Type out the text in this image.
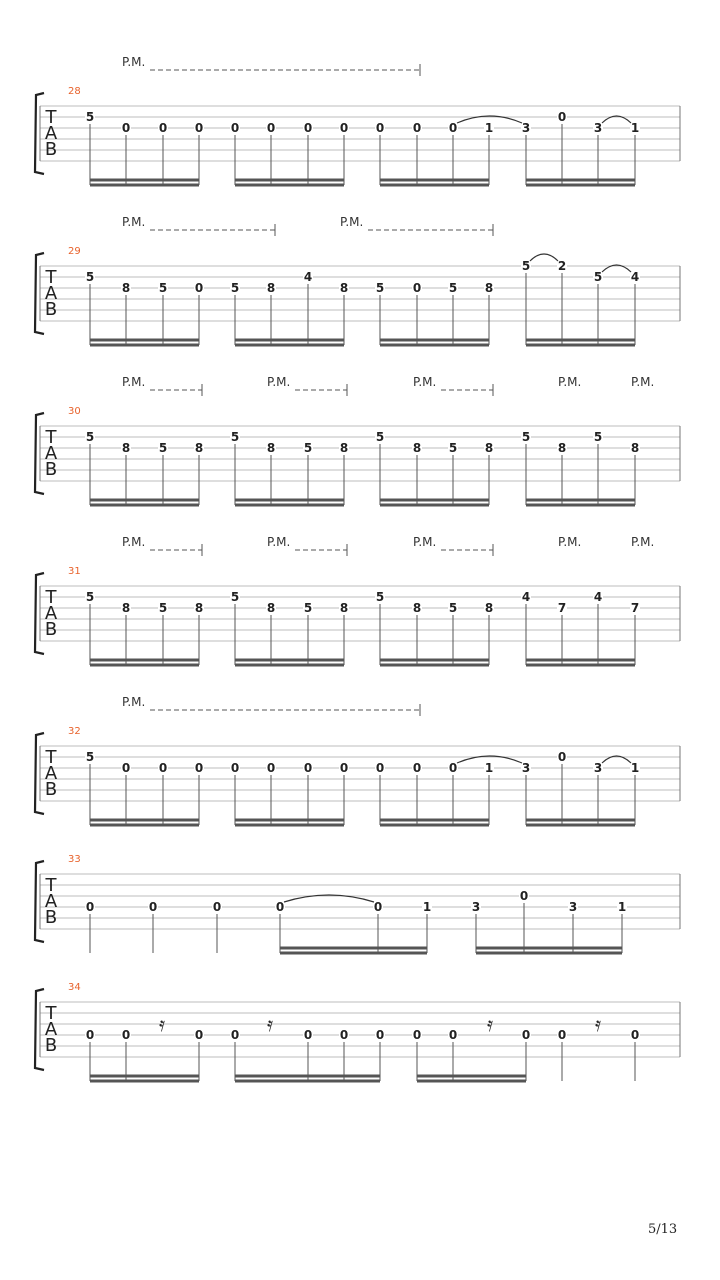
T
A
B
28
P.M.
5
0 0 0 0 0 0 0 0 0 0 1 3
0
3 1
T
A
B
29
P.M.	P.M.
5
8 5 0 5 8
4
8 5 0 5 8
5 2
5 4
T
A
B
30
P.M.	P.M.	P.M.	P.M.	P.M.
5
8 5 8
5
8 5 8
5
8 5 8
5
8
5
8
T
A
B
31
P.M.	P.M.	P.M.	P.M.	P.M.
5
8 5 8
5
8 5 8
5
8 5 8
4
7
4
7
T
A
B
32
P.M.
5
0 0 0 0 0 0 0 0 0 0 1 3
0
3 1
T
A
B
33
0	0	0	0	0	1	3
0
3	1
T
A
B
34
0 0	0 0	0 0 0 0 0	0 0	0
𝄿	𝄿	𝄿	𝄿
5/13
